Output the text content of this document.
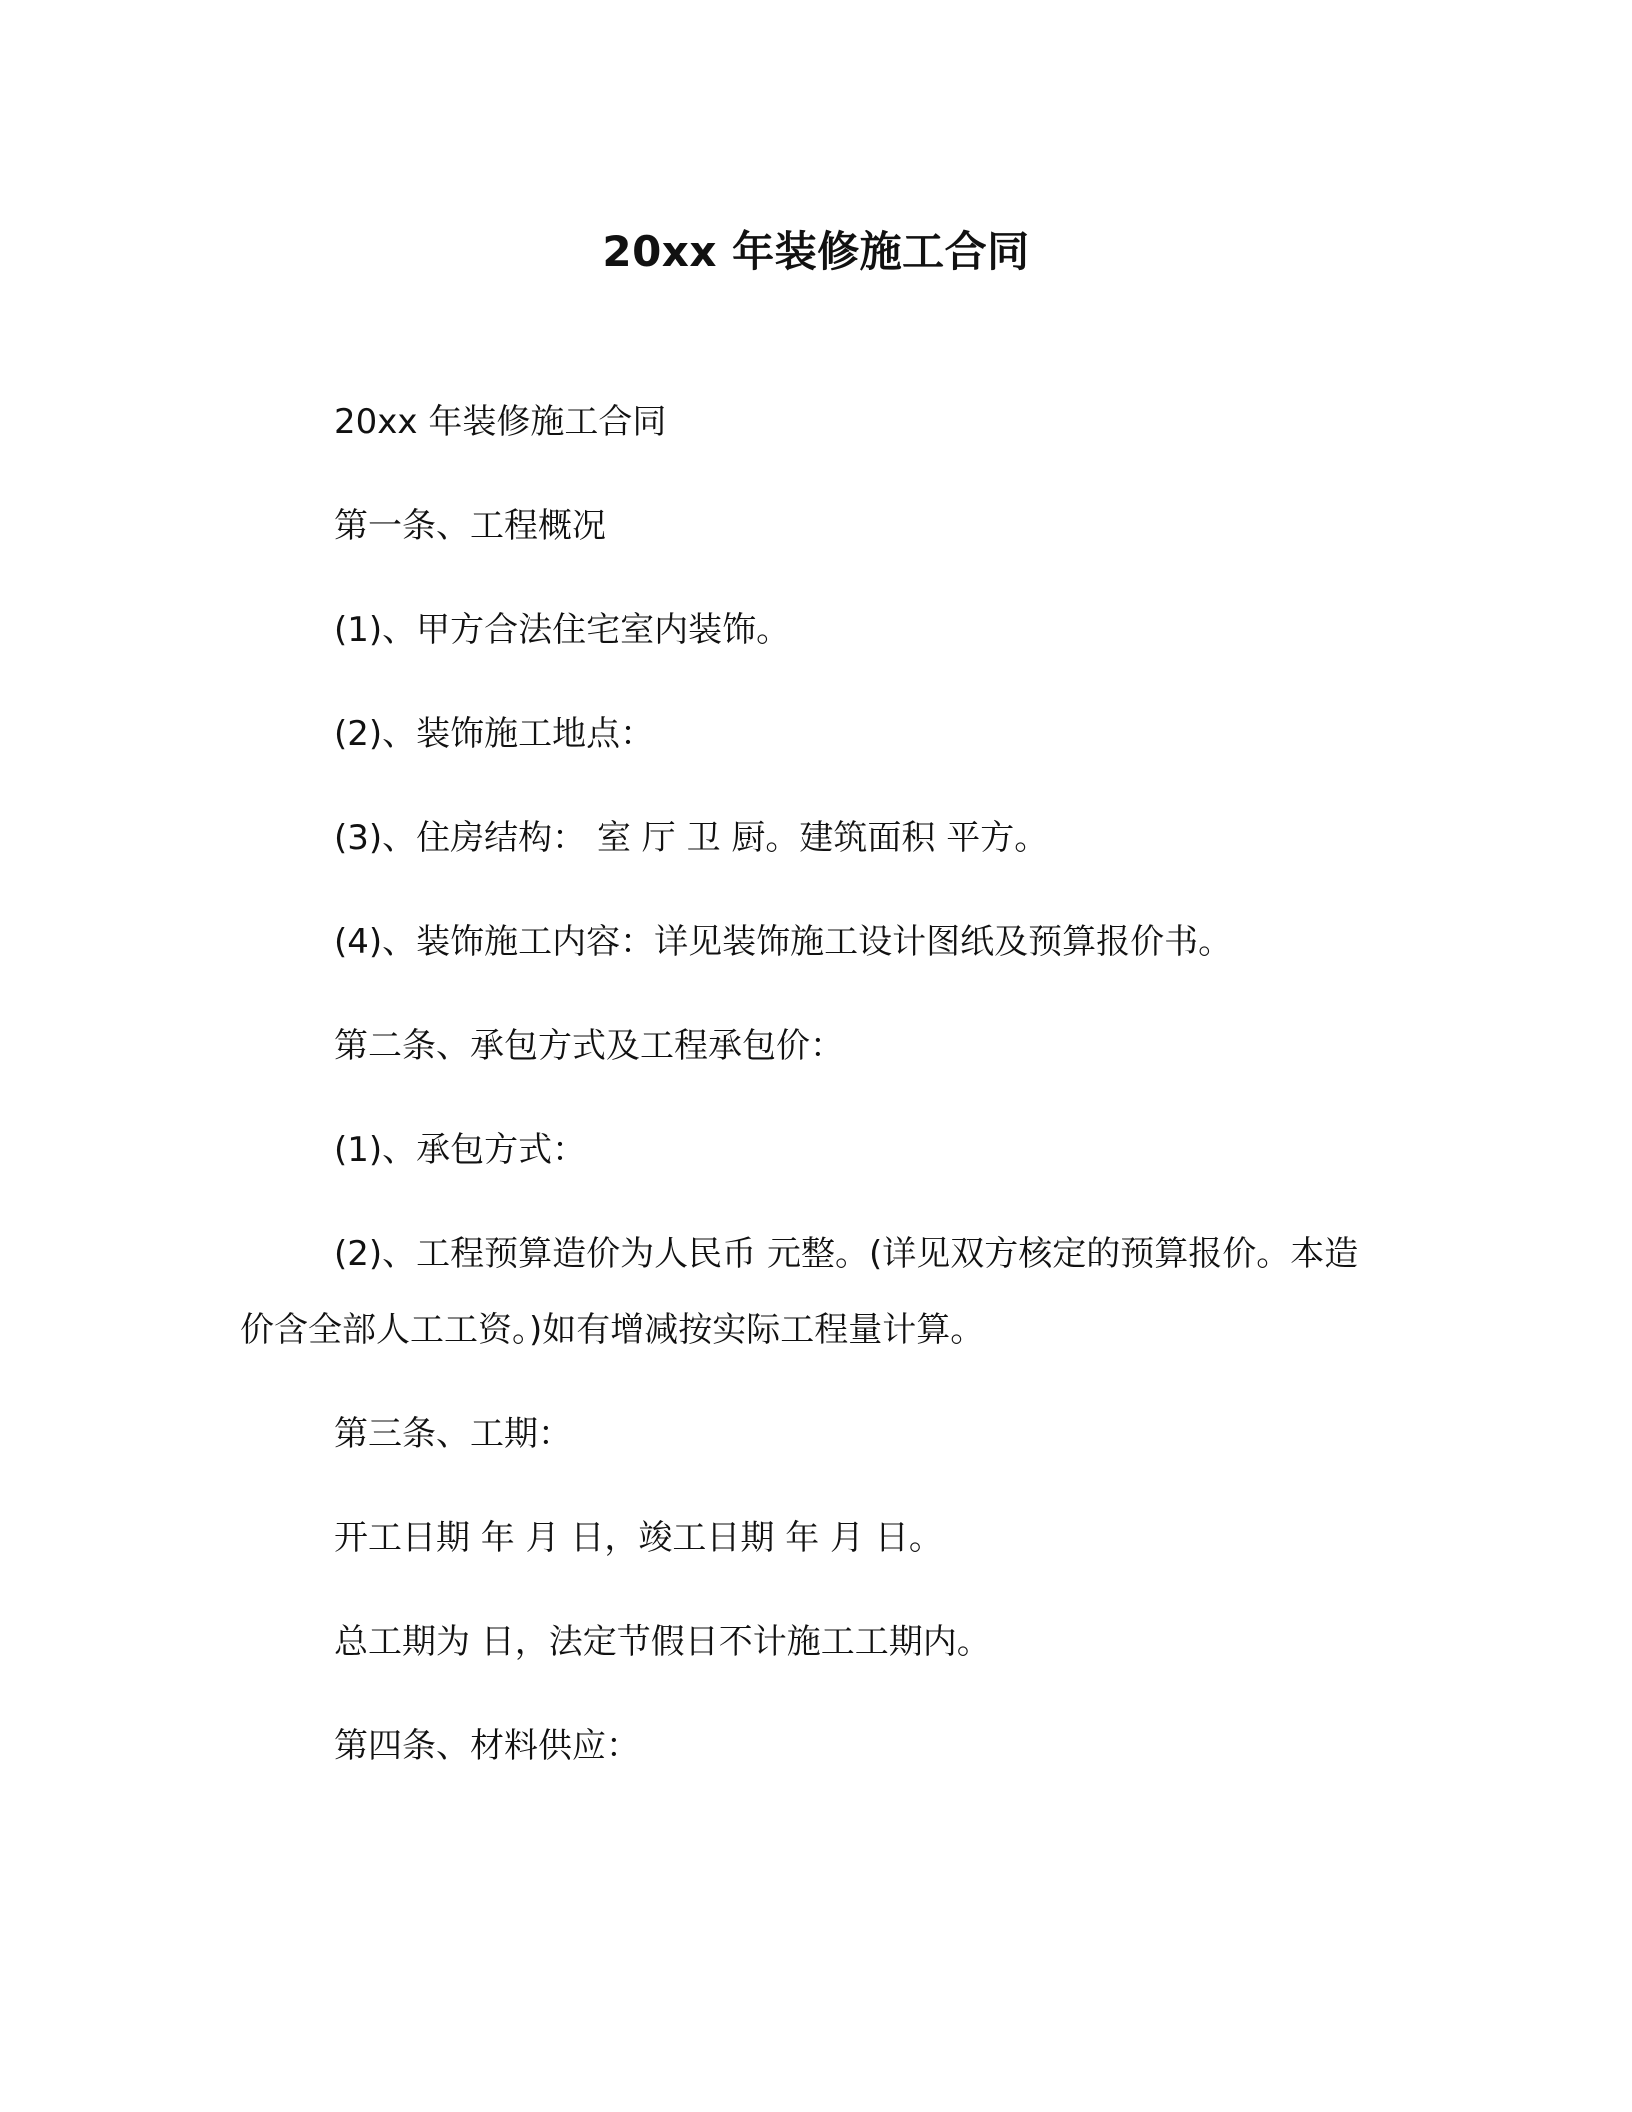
20xx 年装修施工合同
20xx 年装修施工合同
第一条、工程概况
(1)、甲方合法住宅室内装饰。
(2)、装饰施工地点：
(3)、住房结构： 室 厅 卫 厨。建筑面积 平方。
(4)、装饰施工内容：详见装饰施工设计图纸及预算报价书。
第二条、承包方式及工程承包价：
(1)、承包方式：
(2)、工程预算造价为人民币 元整。(详见双方核定的预算报价。本造价含全部人工工资。)如有增减按实际工程量计算。
第三条、工期：
开工日期 年 月 日，竣工日期 年 月 日。
总工期为 日，法定节假日不计施工工期内。
第四条、材料供应：
